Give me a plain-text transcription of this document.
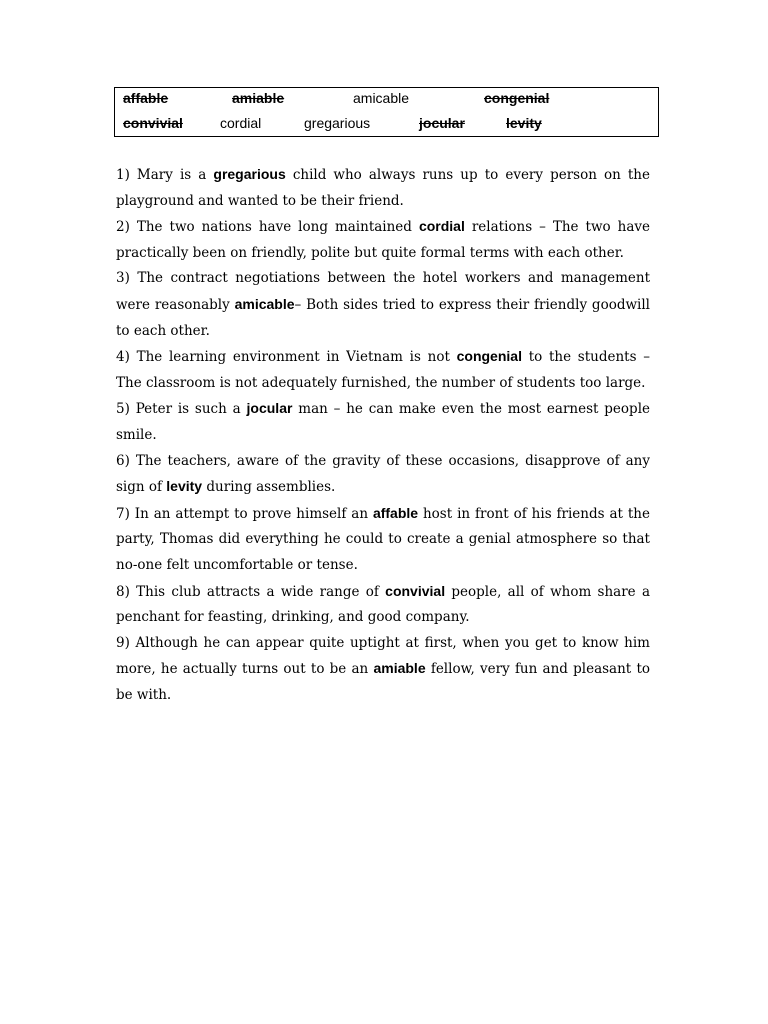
affable	amiable	amicable	congenial
convivial	cordial	gregarious	jocular	levity

1) Mary is a gregarious child who always runs up to every person on the playground and wanted to be their friend.

2) The two nations have long maintained cordial relations – The two have practically been on friendly, polite but quite formal terms with each other.

3) The contract negotiations between the hotel workers and management were reasonably amicable– Both sides tried to express their friendly goodwill to each other.

4) The learning environment in Vietnam is not congenial to the students – The classroom is not adequately furnished, the number of students too large.

5) Peter is such a jocular man – he can make even the most earnest people smile.

6) The teachers, aware of the gravity of these occasions, disapprove of any sign of levity during assemblies.

7) In an attempt to prove himself an affable host in front of his friends at the party, Thomas did everything he could to create a genial atmosphere so that no-one felt uncomfortable or tense.

8) This club attracts a wide range of convivial people, all of whom share a penchant for feasting, drinking, and good company.

9) Although he can appear quite uptight at first, when you get to know him more, he actually turns out to be an amiable fellow, very fun and pleasant to be with.
